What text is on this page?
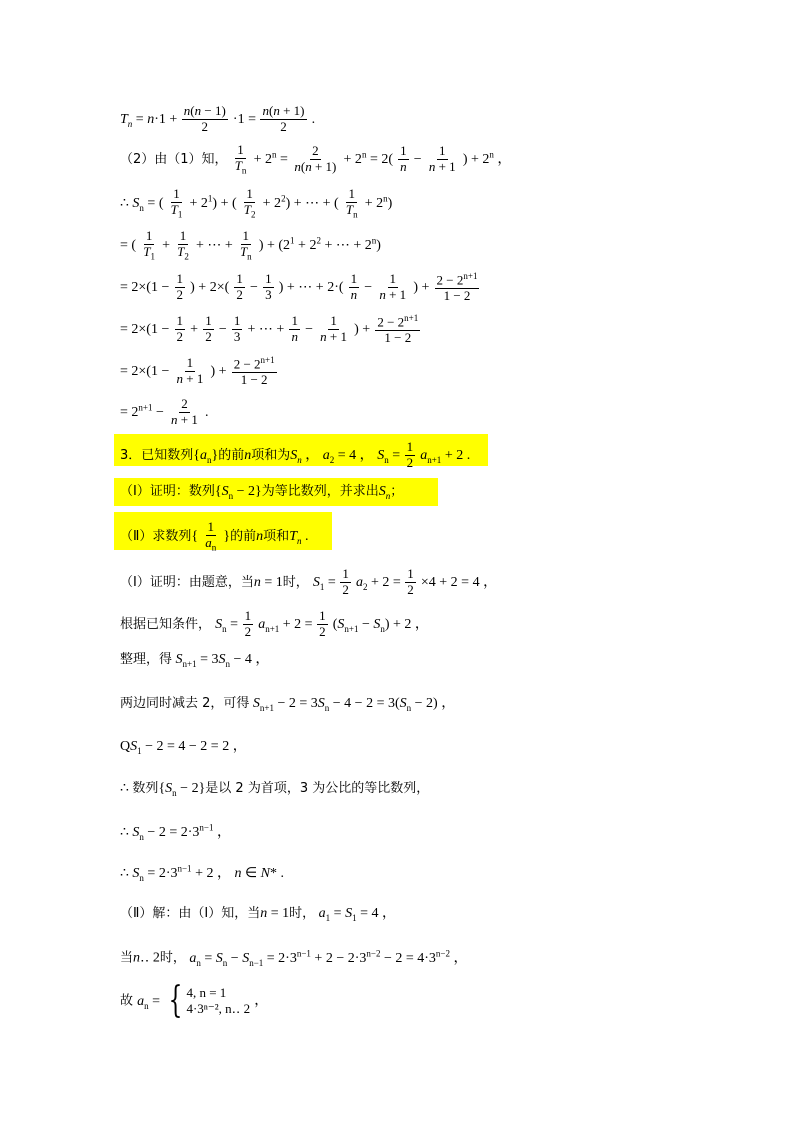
$T_n = n\cdot 1 + \frac{n(n - 1)}{2} \cdot 1 = \frac{n(n + 1)}{2}$ .
（2）由（1）知， $\frac{1}{T_n} + 2^n = \frac{2}{n(n + 1)} + 2^n = 2( \frac{1}{n} - \frac{1}{n + 1}$ ) + $2^n$ ，
∴ $S_n$ = ( $\frac{1}{T_1} + 2^1$) + ( $\frac{1}{T_2} + 2^2$) + ⋯ + ( $\frac{1}{T_n} + 2^n$)
= ( $\frac{1}{T_1} + \frac{1}{T_2}$ + ⋯ + $\frac{1}{T_n}$ ) + ($2^1 + 2^2$ + ⋯ + $2^n$)
= $2\times(1 - \frac{1}{2}$ ) + $2\times( \frac{1}{2} - \frac{1}{3}$ ) + ⋯ + $2\cdot( \frac{1}{n} - \frac{1}{n + 1}$ ) + $\frac{2 - 2^{n+1}}{1 - 2}$
= $2\times(1 - \frac{1}{2} + \frac{1}{2} - \frac{1}{3}$ + ⋯ + $\frac{1}{n} - \frac{1}{n + 1}$ ) + $\frac{2 - 2^{n+1}}{1 - 2}$
= $2\times(1 - \frac{1}{n + 1}$ ) + $\frac{2 - 2^{n+1}}{1 - 2}$
= $2^{n+1} - \frac{2}{n + 1}$ .
3．已知数列$\{a_n\}$的前n项和为$S_n$ ， $a_2 = 4$ ， $S_n = \frac{1}{2} a_{n+1} + 2$ .
（Ⅰ）证明：数列$\{S_n - 2\}$为等比数列，并求出$S_n$；
（Ⅱ）求数列{ $\frac{1}{a_n}$ }的前n项和$T_n$ .
（Ⅰ）证明：由题意，当n = 1时， $S_1 = \frac{1}{2} a_2 + 2 = \frac{1}{2} \times 4 + 2 = 4$ ，
根据已知条件， $S_n = \frac{1}{2} a_{n+1} + 2 = \frac{1}{2} (S_{n+1} - S_n) + 2$ ，
整理，得 $S_{n+1} = 3S_n - 4$ ，
两边同时减去 2，可得 $S_{n+1} - 2 = 3S_n - 4 - 2 = 3(S_n - 2)$ ，
$QS_1 - 2 = 4 - 2 = 2$ ，
∴ 数列$\{S_n - 2\}$是以 2 为首项，3 为公比的等比数列，
∴ $S_n - 2 = 2\cdot 3^{n-1}$ ，
∴ $S_n = 2\cdot 3^{n-1} + 2$ ， n ∈ N* .
（Ⅱ）解：由（Ⅰ）知，当n = 1时， $a_1 = S_1 = 4$ ，
当n‥ 2时， $a_n = S_n - S_{n-1} = 2\cdot 3^{n-1} + 2 - 2\cdot 3^{n-2} - 2 = 4\cdot 3^{n-2}$ ，
故 $a_n$ = { 4, n = 1
4·3ⁿ⁻², n‥ 2 ，
